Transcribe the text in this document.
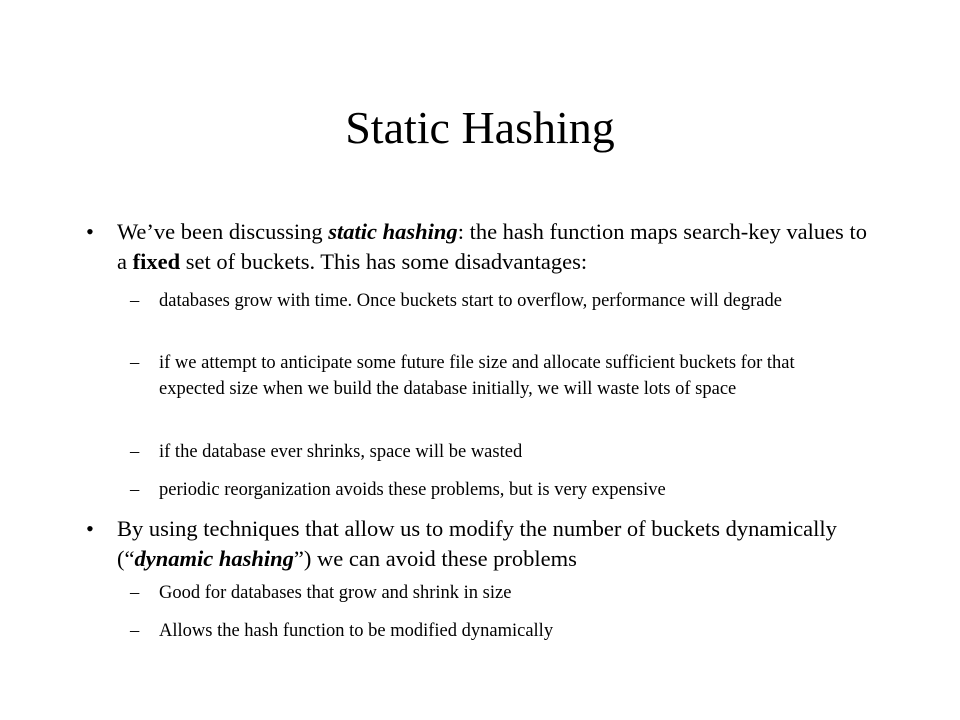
Static Hashing
• We’ve been discussing static hashing: the hash function maps search-key values to a fixed set of buckets. This has some disadvantages:
– databases grow with time. Once buckets start to overflow, performance will degrade
– if we attempt to anticipate some future file size and allocate sufficient buckets for that expected size when we build the database initially, we will waste lots of space
– if the database ever shrinks, space will be wasted
– periodic reorganization avoids these problems, but is very expensive
• By using techniques that allow us to modify the number of buckets dynamically (“dynamic hashing”) we can avoid these problems
– Good for databases that grow and shrink in size
– Allows the hash function to be modified dynamically
